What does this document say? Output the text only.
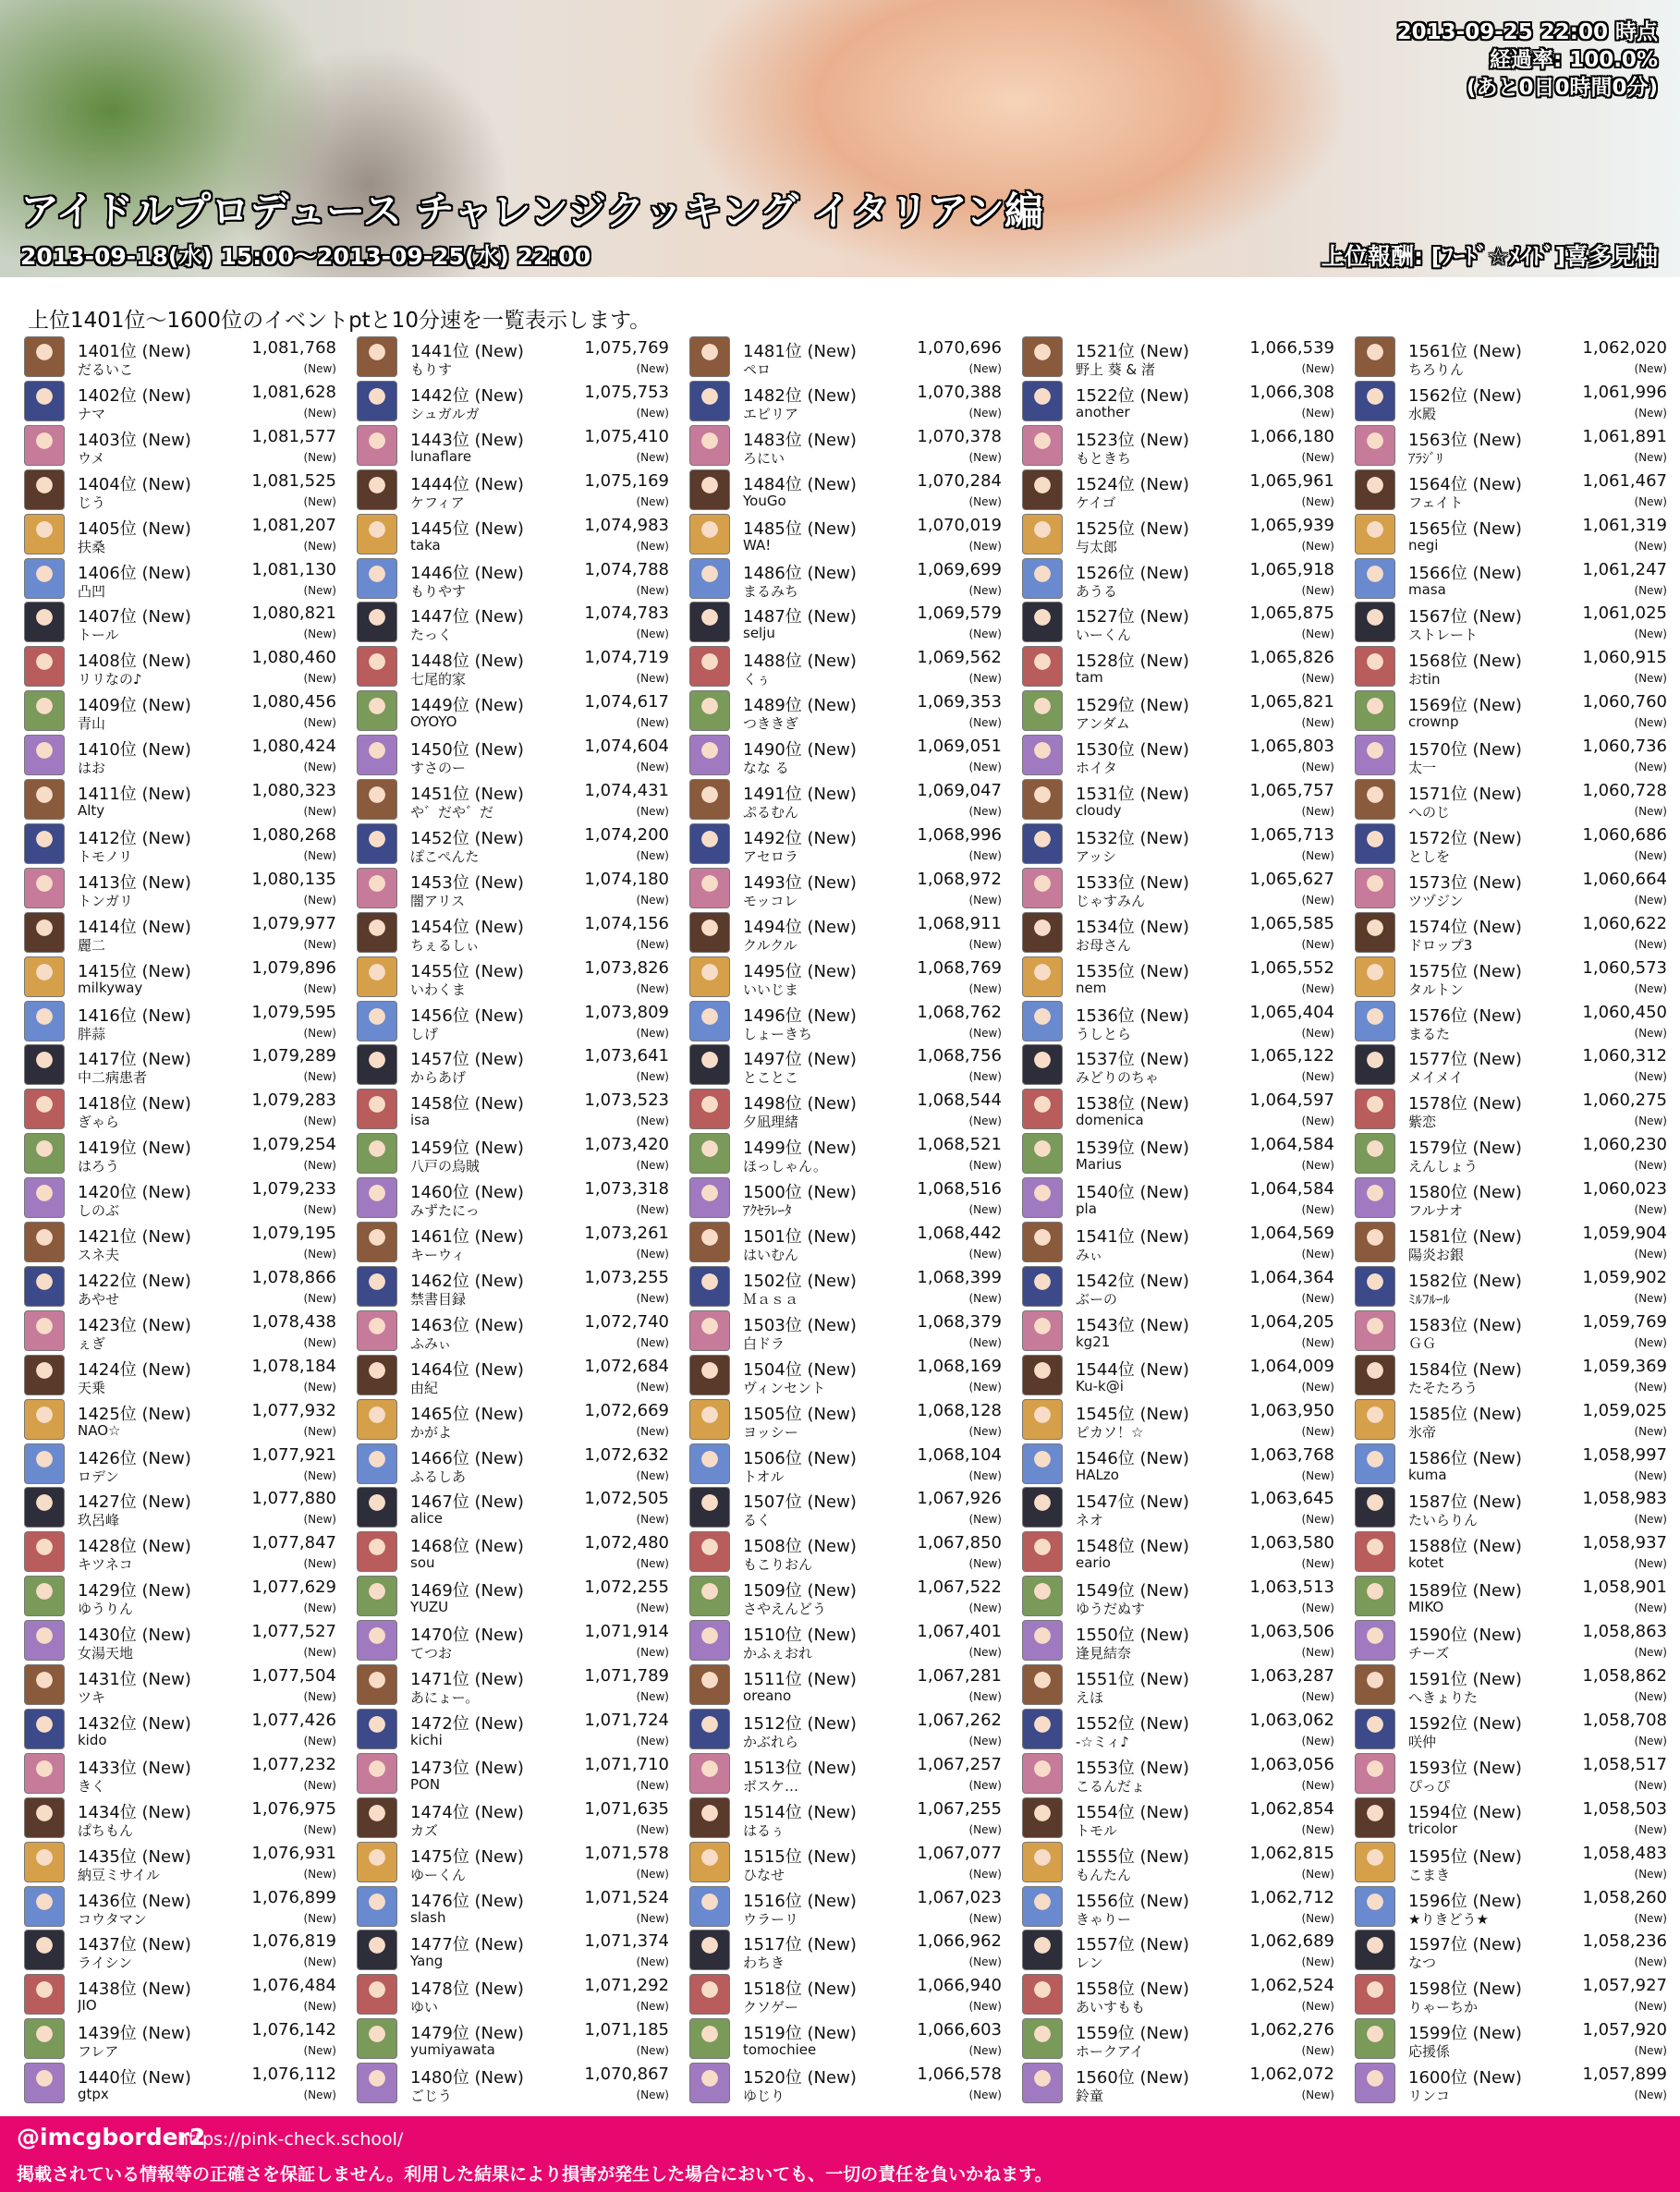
2013-09-25 22:00 時点
経過率: 100.0%
(あと0日0時間0分)
アイドルプロデュース チャレンジクッキング イタリアン編
2013-09-18(水) 15:00～2013-09-25(水) 22:00	上位報酬: [ﾌｰﾄﾞ☆ﾒｲﾄﾞ]喜多見柚
上位1401位～1600位のイベントptと10分速を一覧表示します。
1401位 (New)	1,081,768
だるいこ	(New)
1402位 (New)	1,081,628
ナマ	(New)
1403位 (New)	1,081,577
ウメ	(New)
1404位 (New)	1,081,525
じう	(New)
1405位 (New)	1,081,207
扶桑	(New)
1406位 (New)	1,081,130
凸凹	(New)
1407位 (New)	1,080,821
トール	(New)
1408位 (New)	1,080,460
リリなの♪	(New)
1409位 (New)	1,080,456
青山	(New)
1410位 (New)	1,080,424
はお	(New)
1411位 (New)	1,080,323
Alty	(New)
1412位 (New)	1,080,268
トモノリ	(New)
1413位 (New)	1,080,135
トンガリ	(New)
1414位 (New)	1,079,977
麗二	(New)
1415位 (New)	1,079,896
milkyway	(New)
1416位 (New)	1,079,595
胖蒜	(New)
1417位 (New)	1,079,289
中二病患者	(New)
1418位 (New)	1,079,283
ぎゃら	(New)
1419位 (New)	1,079,254
はろう	(New)
1420位 (New)	1,079,233
しのぶ	(New)
1421位 (New)	1,079,195
スネ夫	(New)
1422位 (New)	1,078,866
あやせ	(New)
1423位 (New)	1,078,438
ぇぎ	(New)
1424位 (New)	1,078,184
天乗	(New)
1425位 (New)	1,077,932
NAO☆	(New)
1426位 (New)	1,077,921
ロデン	(New)
1427位 (New)	1,077,880
玖呂峰	(New)
1428位 (New)	1,077,847
キツネコ	(New)
1429位 (New)	1,077,629
ゆうりん	(New)
1430位 (New)	1,077,527
女湯天地	(New)
1431位 (New)	1,077,504
ツキ	(New)
1432位 (New)	1,077,426
kido	(New)
1433位 (New)	1,077,232
きく	(New)
1434位 (New)	1,076,975
ぱちもん	(New)
1435位 (New)	1,076,931
納豆ミサイル	(New)
1436位 (New)	1,076,899
コウタマン	(New)
1437位 (New)	1,076,819
ライシン	(New)
1438位 (New)	1,076,484
JIO	(New)
1439位 (New)	1,076,142
フレア	(New)
1440位 (New)	1,076,112
gtpx	(New)
1441位 (New)	1,075,769
もりす	(New)
1442位 (New)	1,075,753
シュガルガ	(New)
1443位 (New)	1,075,410
lunaflare	(New)
1444位 (New)	1,075,169
ケフィア	(New)
1445位 (New)	1,074,983
taka	(New)
1446位 (New)	1,074,788
もりやす	(New)
1447位 (New)	1,074,783
たっく	(New)
1448位 (New)	1,074,719
七尾的家	(New)
1449位 (New)	1,074,617
OYOYO	(New)
1450位 (New)	1,074,604
すさのー	(New)
1451位 (New)	1,074,431
や゛だや゛だ	(New)
1452位 (New)	1,074,200
ぽこぺんた	(New)
1453位 (New)	1,074,180
闇アリス	(New)
1454位 (New)	1,074,156
ちぇるしぃ	(New)
1455位 (New)	1,073,826
いわくま	(New)
1456位 (New)	1,073,809
しげ	(New)
1457位 (New)	1,073,641
からあげ	(New)
1458位 (New)	1,073,523
isa	(New)
1459位 (New)	1,073,420
八戸の烏賊	(New)
1460位 (New)	1,073,318
みずたにっ	(New)
1461位 (New)	1,073,261
キーウィ	(New)
1462位 (New)	1,073,255
禁書目録	(New)
1463位 (New)	1,072,740
ふみぃ	(New)
1464位 (New)	1,072,684
由紀	(New)
1465位 (New)	1,072,669
かがよ	(New)
1466位 (New)	1,072,632
ふるしあ	(New)
1467位 (New)	1,072,505
alice	(New)
1468位 (New)	1,072,480
sou	(New)
1469位 (New)	1,072,255
YUZU	(New)
1470位 (New)	1,071,914
てつお	(New)
1471位 (New)	1,071,789
あにょー。	(New)
1472位 (New)	1,071,724
kichi	(New)
1473位 (New)	1,071,710
PON	(New)
1474位 (New)	1,071,635
カズ	(New)
1475位 (New)	1,071,578
ゆーくん	(New)
1476位 (New)	1,071,524
slash	(New)
1477位 (New)	1,071,374
Yang	(New)
1478位 (New)	1,071,292
ゆい	(New)
1479位 (New)	1,071,185
yumiyawata	(New)
1480位 (New)	1,070,867
ごじう	(New)
1481位 (New)	1,070,696
ペロ	(New)
1482位 (New)	1,070,388
エピリア	(New)
1483位 (New)	1,070,378
ろにい	(New)
1484位 (New)	1,070,284
YouGo	(New)
1485位 (New)	1,070,019
WA!	(New)
1486位 (New)	1,069,699
まるみち	(New)
1487位 (New)	1,069,579
selju	(New)
1488位 (New)	1,069,562
くぅ	(New)
1489位 (New)	1,069,353
つききぎ	(New)
1490位 (New)	1,069,051
なな る	(New)
1491位 (New)	1,069,047
ぷるむん	(New)
1492位 (New)	1,068,996
アセロラ	(New)
1493位 (New)	1,068,972
モッコレ	(New)
1494位 (New)	1,068,911
クルクル	(New)
1495位 (New)	1,068,769
いいじま	(New)
1496位 (New)	1,068,762
しょーきち	(New)
1497位 (New)	1,068,756
とことこ	(New)
1498位 (New)	1,068,544
夕凪理緒	(New)
1499位 (New)	1,068,521
ほっしゃん。	(New)
1500位 (New)	1,068,516
ｱｸｾﾗﾚｰﾀ	(New)
1501位 (New)	1,068,442
はいむん	(New)
1502位 (New)	1,068,399
Ｍａｓａ	(New)
1503位 (New)	1,068,379
白ドラ	(New)
1504位 (New)	1,068,169
ヴィンセント	(New)
1505位 (New)	1,068,128
ヨッシー	(New)
1506位 (New)	1,068,104
トオル	(New)
1507位 (New)	1,067,926
るく	(New)
1508位 (New)	1,067,850
もこりおん	(New)
1509位 (New)	1,067,522
さやえんどう	(New)
1510位 (New)	1,067,401
かふぇおれ	(New)
1511位 (New)	1,067,281
oreano	(New)
1512位 (New)	1,067,262
かぶれら	(New)
1513位 (New)	1,067,257
ボスケ…	(New)
1514位 (New)	1,067,255
はるぅ	(New)
1515位 (New)	1,067,077
ひなせ	(New)
1516位 (New)	1,067,023
ウラーリ	(New)
1517位 (New)	1,066,962
わちき	(New)
1518位 (New)	1,066,940
クソゲー	(New)
1519位 (New)	1,066,603
tomochiee	(New)
1520位 (New)	1,066,578
ゆじり	(New)
1521位 (New)	1,066,539
野上 葵 & 渚	(New)
1522位 (New)	1,066,308
another	(New)
1523位 (New)	1,066,180
もときち	(New)
1524位 (New)	1,065,961
ケイゴ	(New)
1525位 (New)	1,065,939
与太郎	(New)
1526位 (New)	1,065,918
あうる	(New)
1527位 (New)	1,065,875
いーくん	(New)
1528位 (New)	1,065,826
tam	(New)
1529位 (New)	1,065,821
アンダム	(New)
1530位 (New)	1,065,803
ホイタ	(New)
1531位 (New)	1,065,757
cloudy	(New)
1532位 (New)	1,065,713
アッシ	(New)
1533位 (New)	1,065,627
じゃすみん	(New)
1534位 (New)	1,065,585
お母さん	(New)
1535位 (New)	1,065,552
nem	(New)
1536位 (New)	1,065,404
うしとら	(New)
1537位 (New)	1,065,122
みどりのちゃ	(New)
1538位 (New)	1,064,597
domenica	(New)
1539位 (New)	1,064,584
Marius	(New)
1540位 (New)	1,064,584
pla	(New)
1541位 (New)	1,064,569
みぃ	(New)
1542位 (New)	1,064,364
ぶーの	(New)
1543位 (New)	1,064,205
kg21	(New)
1544位 (New)	1,064,009
Ku-k@i	(New)
1545位 (New)	1,063,950
ピカソ！☆	(New)
1546位 (New)	1,063,768
HALzo	(New)
1547位 (New)	1,063,645
ネオ	(New)
1548位 (New)	1,063,580
eario	(New)
1549位 (New)	1,063,513
ゆうだぬす	(New)
1550位 (New)	1,063,506
逢見結奈	(New)
1551位 (New)	1,063,287
えほ	(New)
1552位 (New)	1,063,062
-☆ミィ♪	(New)
1553位 (New)	1,063,056
こるんだょ	(New)
1554位 (New)	1,062,854
トモル	(New)
1555位 (New)	1,062,815
もんたん	(New)
1556位 (New)	1,062,712
きゃりー	(New)
1557位 (New)	1,062,689
レン	(New)
1558位 (New)	1,062,524
あいすもも	(New)
1559位 (New)	1,062,276
ホークアイ	(New)
1560位 (New)	1,062,072
鈴童	(New)
1561位 (New)	1,062,020
ちろりん	(New)
1562位 (New)	1,061,996
水殿	(New)
1563位 (New)	1,061,891
ｱﾗｼﾞﾘ	(New)
1564位 (New)	1,061,467
フェイト	(New)
1565位 (New)	1,061,319
negi	(New)
1566位 (New)	1,061,247
masa	(New)
1567位 (New)	1,061,025
ストレート	(New)
1568位 (New)	1,060,915
おtin	(New)
1569位 (New)	1,060,760
crownp	(New)
1570位 (New)	1,060,736
太一	(New)
1571位 (New)	1,060,728
へのじ	(New)
1572位 (New)	1,060,686
としを	(New)
1573位 (New)	1,060,664
ツヅジン	(New)
1574位 (New)	1,060,622
ドロップ3	(New)
1575位 (New)	1,060,573
タルトン	(New)
1576位 (New)	1,060,450
まるた	(New)
1577位 (New)	1,060,312
メイメイ	(New)
1578位 (New)	1,060,275
紫恋	(New)
1579位 (New)	1,060,230
えんしょう	(New)
1580位 (New)	1,060,023
フルナオ	(New)
1581位 (New)	1,059,904
陽炎お銀	(New)
1582位 (New)	1,059,902
ﾐﾙﾌﾙｰﾙ	(New)
1583位 (New)	1,059,769
ＧＧ	(New)
1584位 (New)	1,059,369
たそたろう	(New)
1585位 (New)	1,059,025
氷帝	(New)
1586位 (New)	1,058,997
kuma	(New)
1587位 (New)	1,058,983
たいらりん	(New)
1588位 (New)	1,058,937
kotet	(New)
1589位 (New)	1,058,901
MIKO	(New)
1590位 (New)	1,058,863
チーズ	(New)
1591位 (New)	1,058,862
へきょりた	(New)
1592位 (New)	1,058,708
咲仲	(New)
1593位 (New)	1,058,517
ぴっぴ	(New)
1594位 (New)	1,058,503
tricolor	(New)
1595位 (New)	1,058,483
こまき	(New)
1596位 (New)	1,058,260
★りきどう★	(New)
1597位 (New)	1,058,236
なつ	(New)
1598位 (New)	1,057,927
りゃーちか	(New)
1599位 (New)	1,057,920
応援係	(New)
1600位 (New)	1,057,899
リンコ	(New)
@imcgborder2
https://pink-check.school/
掲載されている情報等の正確さを保証しません。利用した結果により損害が発生した場合においても、一切の責任を負いかねます。
